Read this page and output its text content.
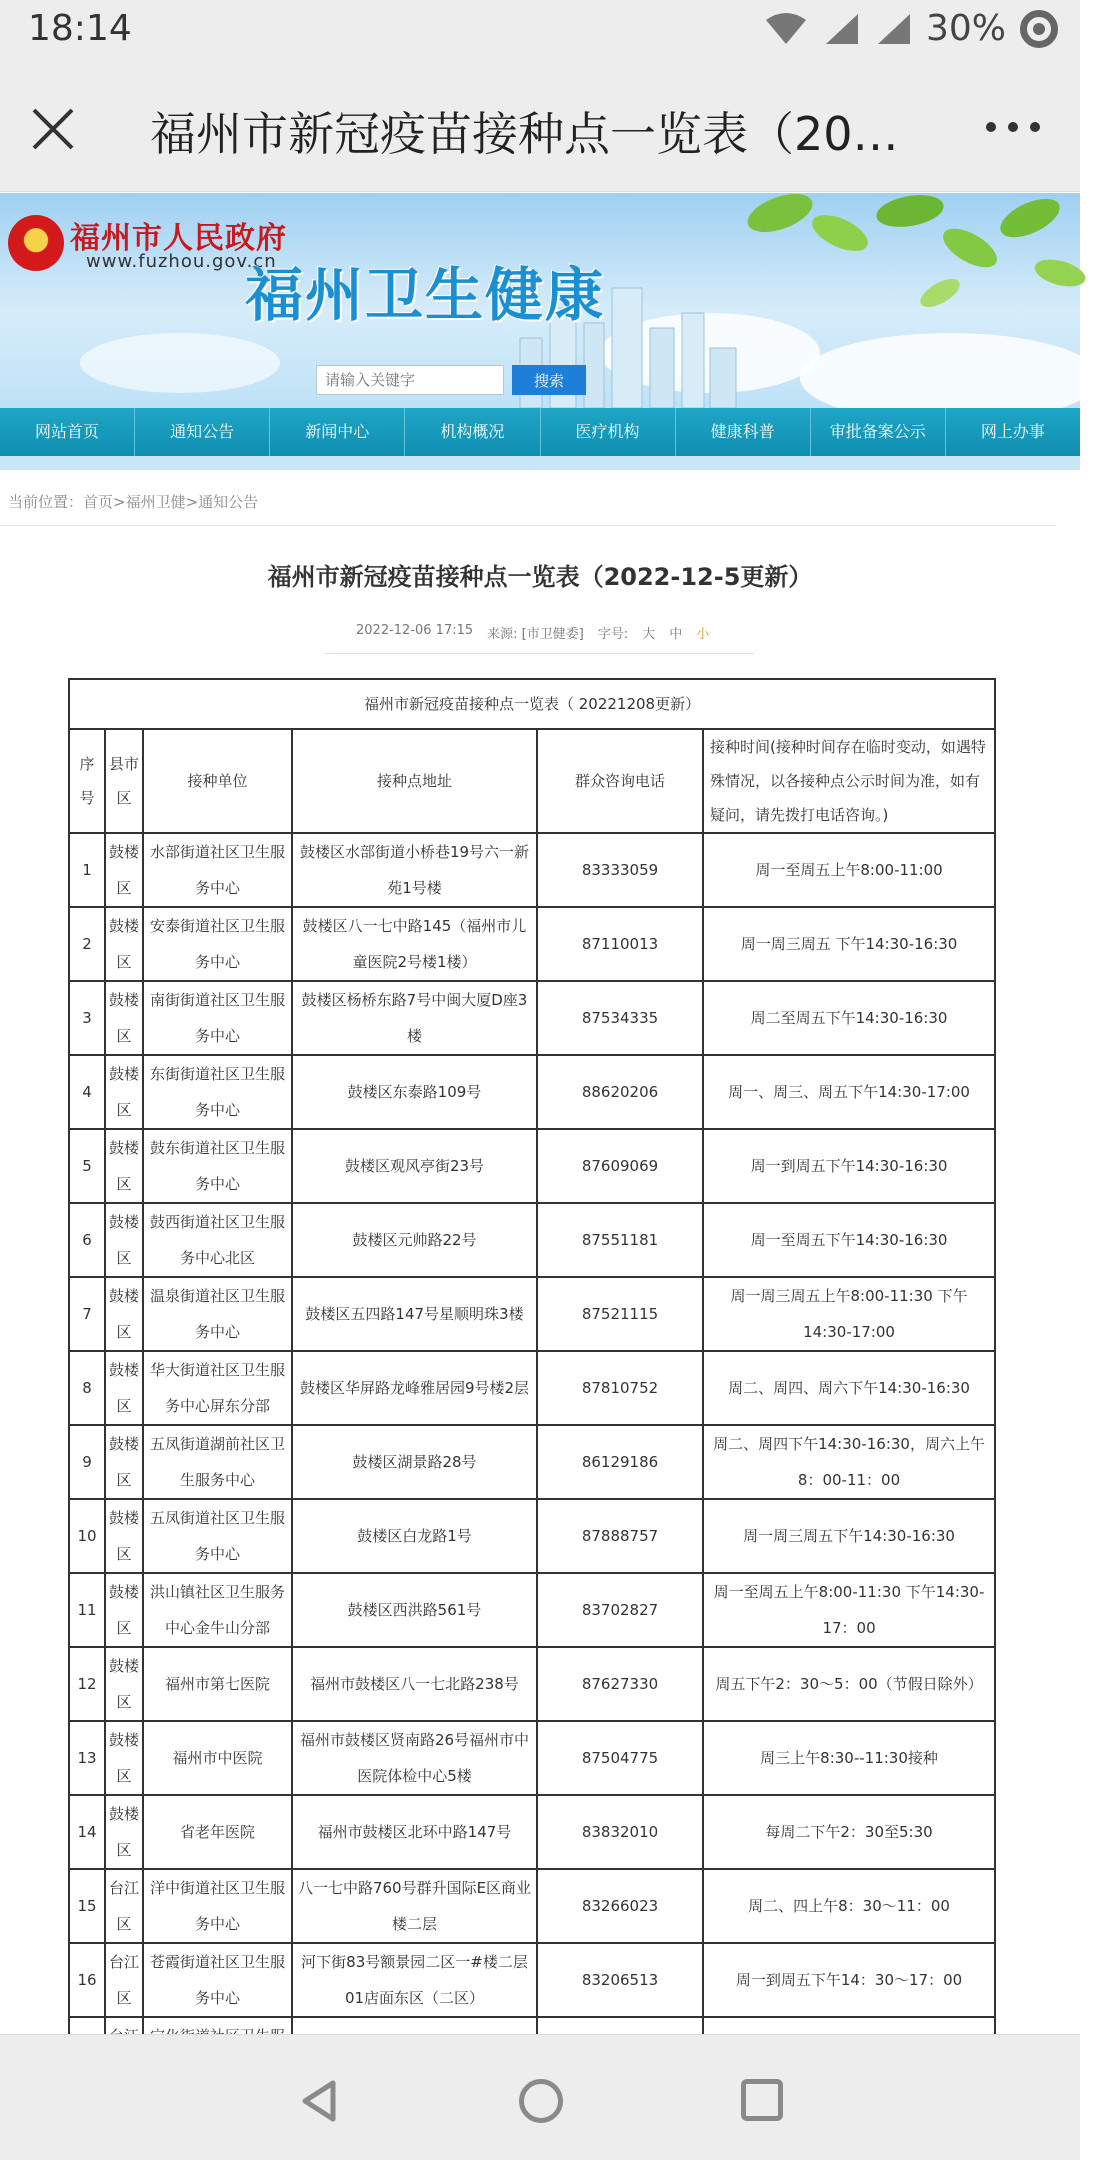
18:14	30%
福州市新冠疫苗接种点一览表（20…
福州市人民政府
www.fuzhou.gov.cn
福州卫生健康
请输入关键字
搜索
网站首页	通知公告	新闻中心	机构概况	医疗机构	健康科普	审批备案公示	网上办事
当前位置：首页>福州卫健>通知公告
福州市新冠疫苗接种点一览表（2022-12-5更新）
2022-12-06 17:15 来源: [市卫健委] 字号: 大 中 小
福州市新冠疫苗接种点一览表（ 20221208更新）					
序号	县市区	接种单位	接种点地址	群众咨询电话	接种时间(接种时间存在临时变动，如遇特殊情况，以各接种点公示时间为准，如有疑问，请先拨打电话咨询。)
1	鼓楼区	水部街道社区卫生服务中心	鼓楼区水部街道小桥巷19号六一新苑1号楼	83333059	周一至周五上午8:00-11:00
2	鼓楼区	安泰街道社区卫生服务中心	鼓楼区八一七中路145（福州市儿童医院2号楼1楼）	87110013	周一周三周五 下午14:30-16:30
3	鼓楼区	南街街道社区卫生服务中心	鼓楼区杨桥东路7号中闽大厦D座3楼	87534335	周二至周五下午14:30-16:30
4	鼓楼区	东街街道社区卫生服务中心	鼓楼区东泰路109号	88620206	周一、周三、周五下午14:30-17:00
5	鼓楼区	鼓东街道社区卫生服务中心	鼓楼区观风亭街23号	87609069	周一到周五下午14:30-16:30
6	鼓楼区	鼓西街道社区卫生服务中心北区	鼓楼区元帅路22号	87551181	周一至周五下午14:30-16:30
7	鼓楼区	温泉街道社区卫生服务中心	鼓楼区五四路147号星顺明珠3楼	87521115	周一周三周五上午8:00-11:30 下午14:30-17:00
8	鼓楼区	华大街道社区卫生服务中心屏东分部	鼓楼区华屏路龙峰雅居园9号楼2层	87810752	周二、周四、周六下午14:30-16:30
9	鼓楼区	五凤街道湖前社区卫生服务中心	鼓楼区湖景路28号	86129186	周二、周四下午14:30-16:30，周六上午8：00-11：00
10	鼓楼区	五凤街道社区卫生服务中心	鼓楼区白龙路1号	87888757	周一周三周五下午14:30-16:30
11	鼓楼区	洪山镇社区卫生服务中心金牛山分部	鼓楼区西洪路561号	83702827	周一至周五上午8:00-11:30 下午14:30-17：00
12	鼓楼区	福州市第七医院	福州市鼓楼区八一七北路238号	87627330	周五下午2：30～5：00（节假日除外）
13	鼓楼区	福州市中医院	福州市鼓楼区贤南路26号福州市中医院体检中心5楼	87504775	周三上午8:30--11:30接种
14	鼓楼区	省老年医院	福州市鼓楼区北环中路147号	83832010	每周二下午2：30至5:30
15	台江区	洋中街道社区卫生服务中心	八一七中路760号群升国际E区商业楼二层	83266023	周二、四上午8：30～11：00
16	台江区	苍霞街道社区卫生服务中心	河下街83号额景园二区一#楼二层01店面东区（二区）	83206513	周一到周五下午14：30～17：00
